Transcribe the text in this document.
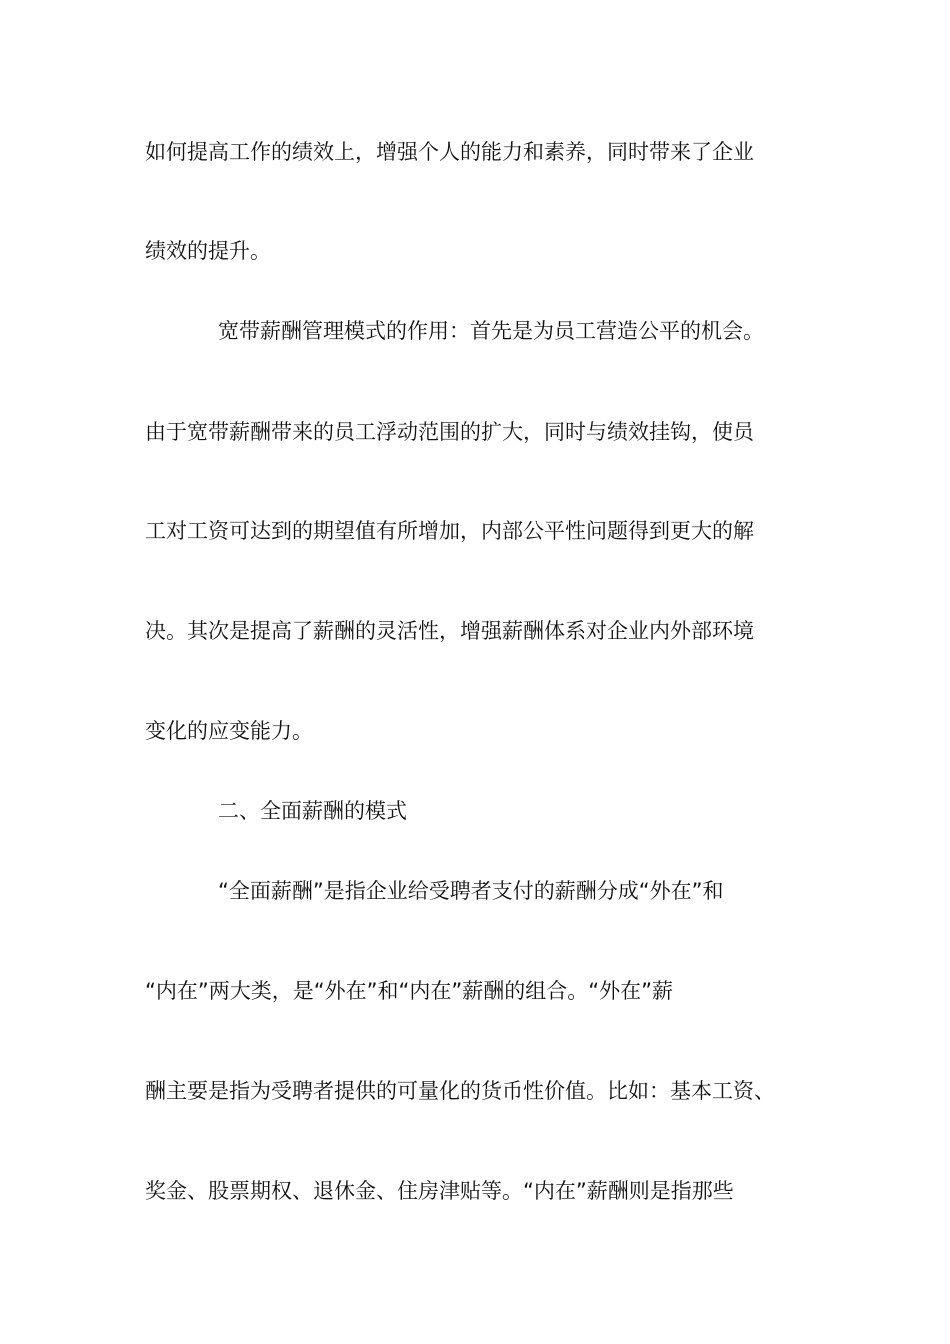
如何提高工作的绩效上，增强个人的能力和素养，同时带来了企业
绩效的提升。
宽带薪酬管理模式的作用：首先是为员工营造公平的机会。
由于宽带薪酬带来的员工浮动范围的扩大，同时与绩效挂钩，使员
工对工资可达到的期望值有所增加，内部公平性问题得到更大的解
决。其次是提高了薪酬的灵活性，增强薪酬体系对企业内外部环境
变化的应变能力。
二、全面薪酬的模式
“全面薪酬”是指企业给受聘者支付的薪酬分成“外在”和
“内在”两大类，是“外在”和“内在”薪酬的组合。“外在”薪
酬主要是指为受聘者提供的可量化的货币性价值。比如：基本工资、
奖金、股票期权、退休金、住房津贴等。“内在”薪酬则是指那些
